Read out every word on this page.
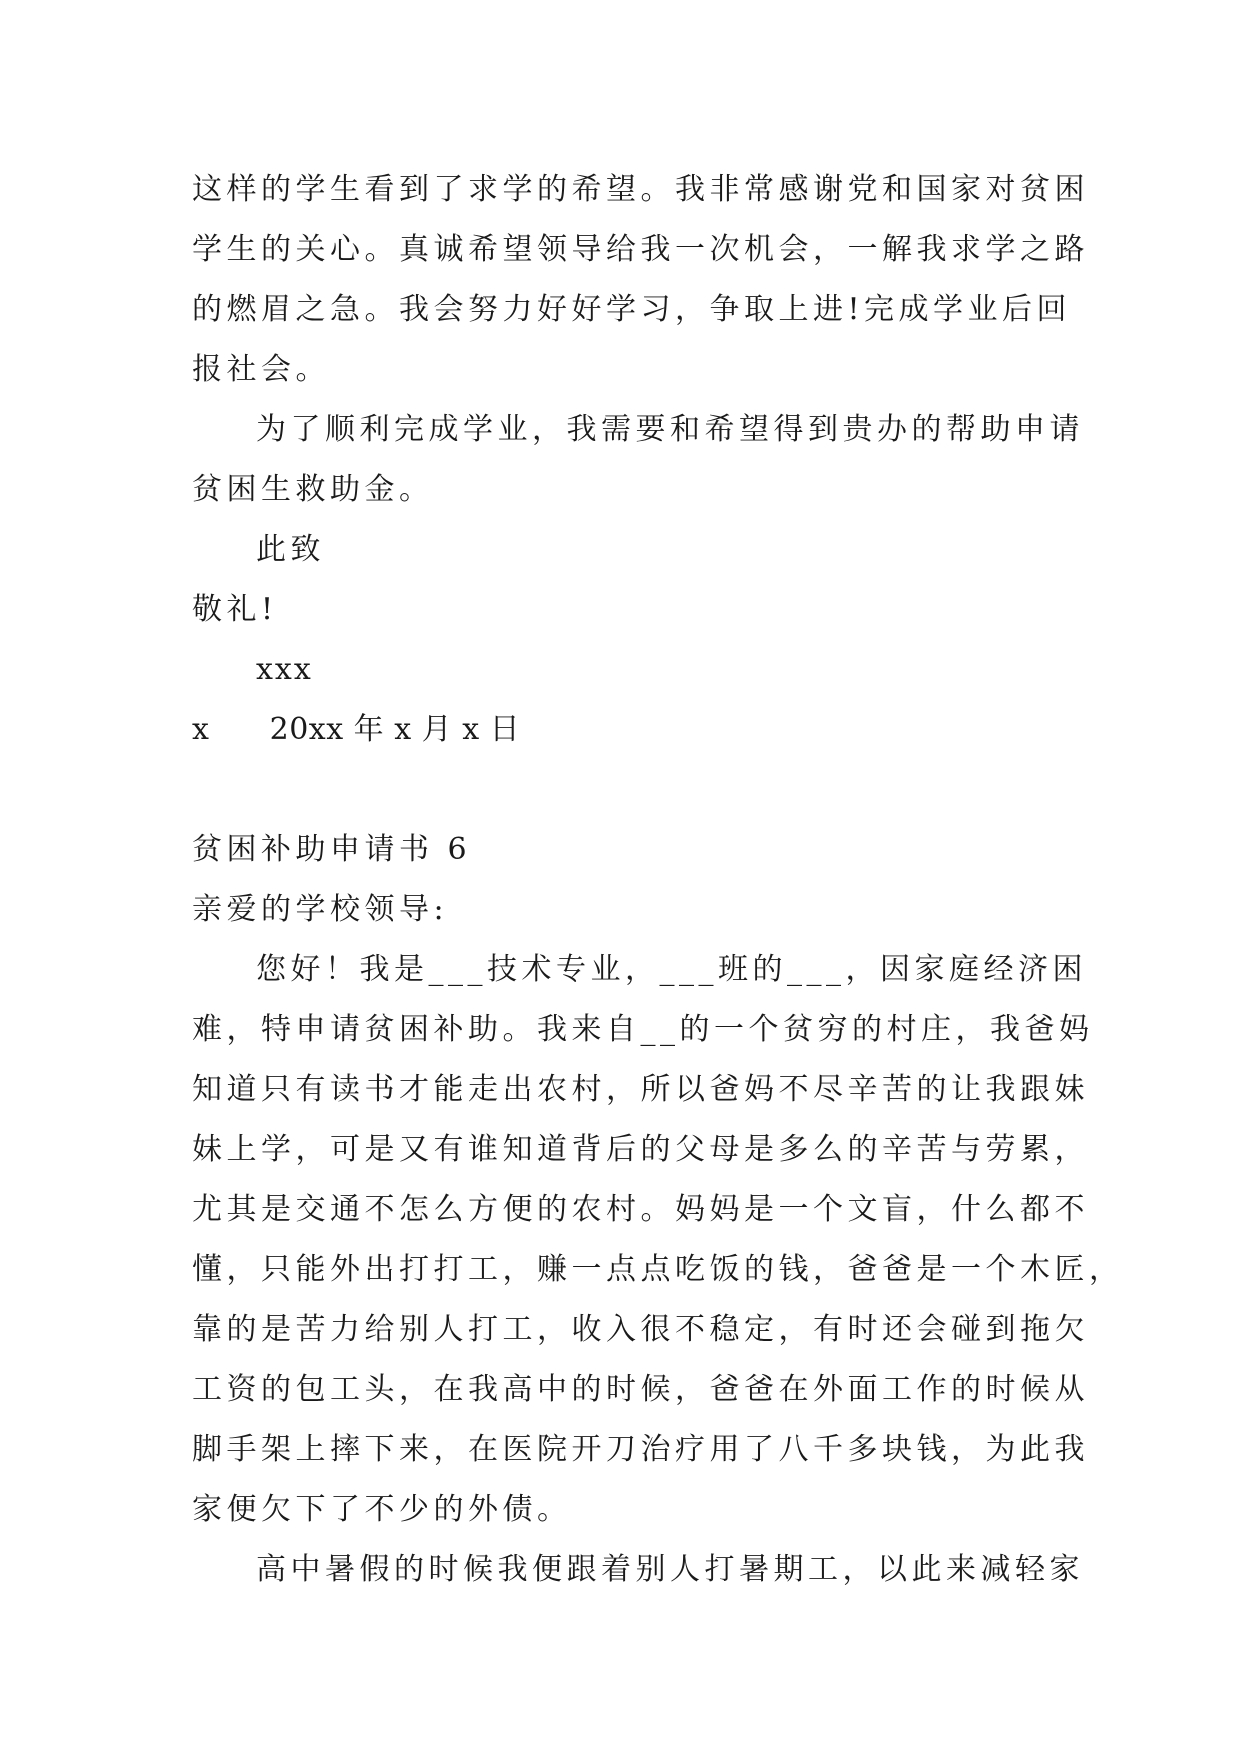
这样的学生看到了求学的希望。我非常感谢党和国家对贫困
学生的关心。真诚希望领导给我一次机会，一解我求学之路
的燃眉之急。我会努力好好学习，争取上进!完成学业后回
报社会。
为了顺利完成学业，我需要和希望得到贵办的帮助申请
贫困生救助金。
此致
敬礼!
xxx
x      20xx 年 x 月 x 日
贫困补助申请书 6
亲爱的学校领导:
您好！我是___技术专业，___班的___，因家庭经济困
难，特申请贫困补助。我来自__的一个贫穷的村庄，我爸妈
知道只有读书才能走出农村，所以爸妈不尽辛苦的让我跟妹
妹上学，可是又有谁知道背后的父母是多么的辛苦与劳累，
尤其是交通不怎么方便的农村。妈妈是一个文盲，什么都不
懂，只能外出打打工，赚一点点吃饭的钱，爸爸是一个木匠，
靠的是苦力给别人打工，收入很不稳定，有时还会碰到拖欠
工资的包工头，在我高中的时候，爸爸在外面工作的时候从
脚手架上摔下来，在医院开刀治疗用了八千多块钱，为此我
家便欠下了不少的外债。
高中暑假的时候我便跟着别人打暑期工，以此来减轻家
